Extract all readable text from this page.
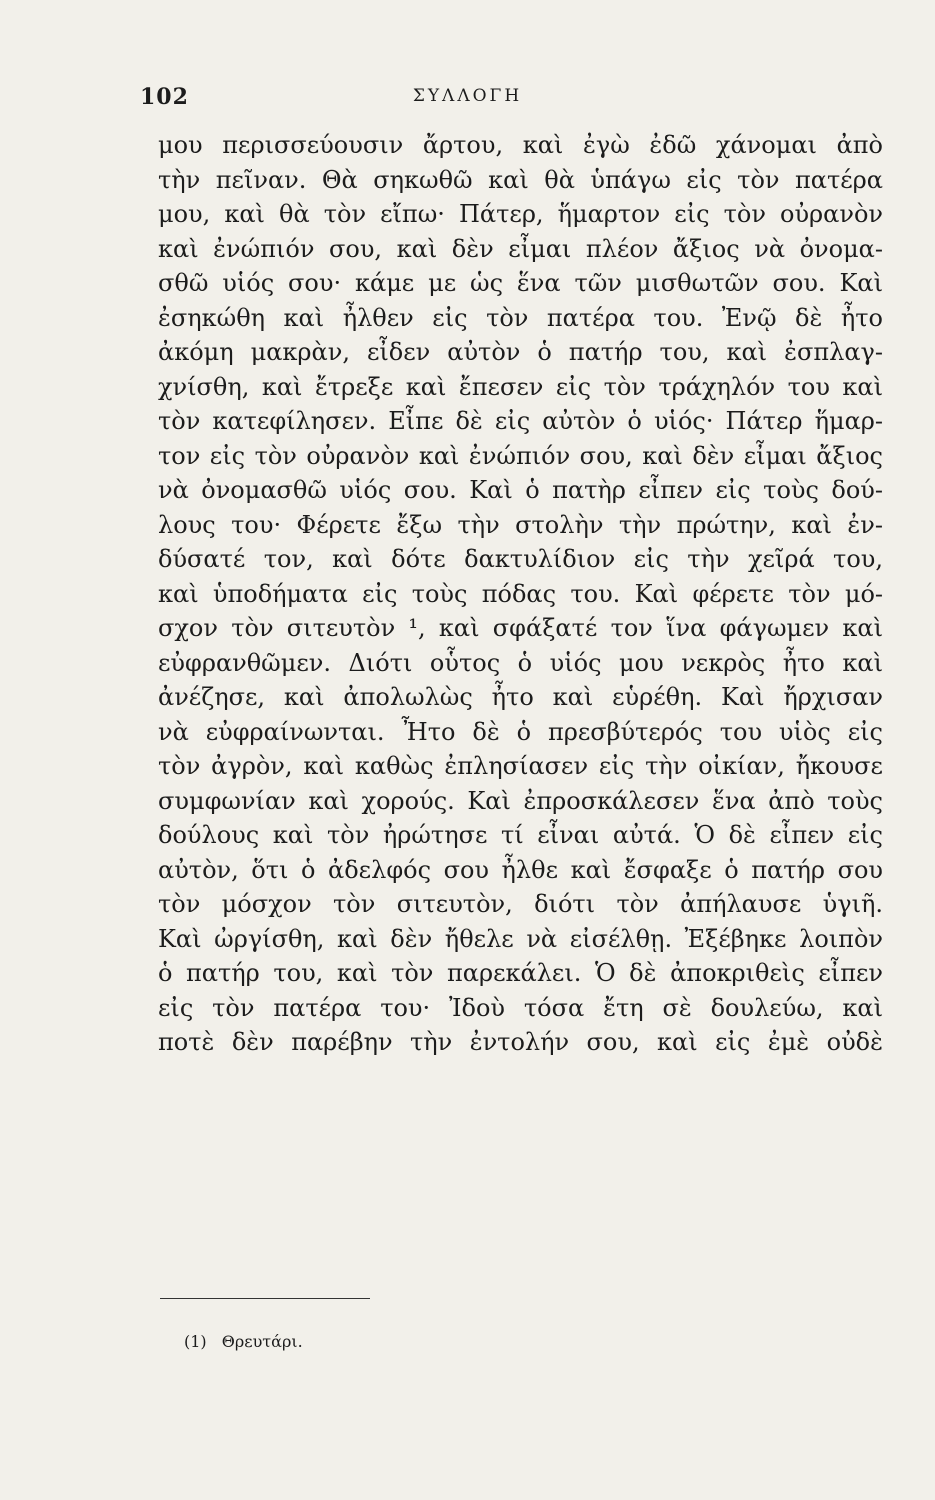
102	ΣΥΛΛΟΓΗ
μου περισσεύουσιν ἄρτου, καὶ ἐγὼ ἐδῶ χάνομαι ἀπὸ
τὴν πεῖναν. Θὰ σηκωθῶ καὶ θὰ ὑπάγω εἰς τὸν πατέρα
μου, καὶ θὰ τὸν εἴπω· Πάτερ, ἥμαρτον εἰς τὸν οὐρανὸν
καὶ ἐνώπιόν σου, καὶ δὲν εἶμαι πλέον ἄξιος νὰ ὀνομα-
σθῶ υἱός σου· κάμε με ὡς ἕνα τῶν μισθωτῶν σου. Καὶ
ἐσηκώθη καὶ ἦλθεν εἰς τὸν πατέρα του. Ἐνῷ δὲ ἦτο
ἀκόμη μακρὰν, εἶδεν αὐτὸν ὁ πατήρ του, καὶ ἐσπλαγ-
χνίσθη, καὶ ἔτρεξε καὶ ἔπεσεν εἰς τὸν τράχηλόν του καὶ
τὸν κατεφίλησεν. Εἶπε δὲ εἰς αὐτὸν ὁ υἱός· Πάτερ ἥμαρ-
τον εἰς τὸν οὐρανὸν καὶ ἐνώπιόν σου, καὶ δὲν εἶμαι ἄξιος
νὰ ὀνομασθῶ υἱός σου. Καὶ ὁ πατὴρ εἶπεν εἰς τοὺς δού-
λους του· Φέρετε ἔξω τὴν στολὴν τὴν πρώτην, καὶ ἐν-
δύσατέ τον, καὶ δότε δακτυλίδιον εἰς τὴν χεῖρά του,
καὶ ὑποδήματα εἰς τοὺς πόδας του. Καὶ φέρετε τὸν μό-
σχον τὸν σιτευτὸν ¹, καὶ σφάξατέ τον ἵνα φάγωμεν καὶ
εὐφρανθῶμεν. Διότι οὗτος ὁ υἱός μου νεκρὸς ἦτο καὶ
ἀνέζησε, καὶ ἀπολωλὼς ἦτο καὶ εὑρέθη. Καὶ ἤρχισαν
νὰ εὐφραίνωνται. Ἦτο δὲ ὁ πρεσβύτερός του υἱὸς εἰς
τὸν ἀγρὸν, καὶ καθὼς ἐπλησίασεν εἰς τὴν οἰκίαν, ἤκουσε
συμφωνίαν καὶ χορούς. Καὶ ἐπροσκάλεσεν ἕνα ἀπὸ τοὺς
δούλους καὶ τὸν ἠρώτησε τί εἶναι αὐτά. Ὁ δὲ εἶπεν εἰς
αὐτὸν, ὅτι ὁ ἀδελφός σου ἦλθε καὶ ἔσφαξε ὁ πατήρ σου
τὸν μόσχον τὸν σιτευτὸν, διότι τὸν ἀπήλαυσε ὑγιῆ.
Καὶ ὠργίσθη, καὶ δὲν ἤθελε νὰ εἰσέλθῃ. Ἐξέβηκε λοιπὸν
ὁ πατήρ του, καὶ τὸν παρεκάλει. Ὁ δὲ ἀποκριθεὶς εἶπεν
εἰς τὸν πατέρα του· Ἰδοὺ τόσα ἔτη σὲ δουλεύω, καὶ
ποτὲ δὲν παρέβην τὴν ἐντολήν σου, καὶ εἰς ἐμὲ οὐδὲ
(1) Θρευτάρι.
